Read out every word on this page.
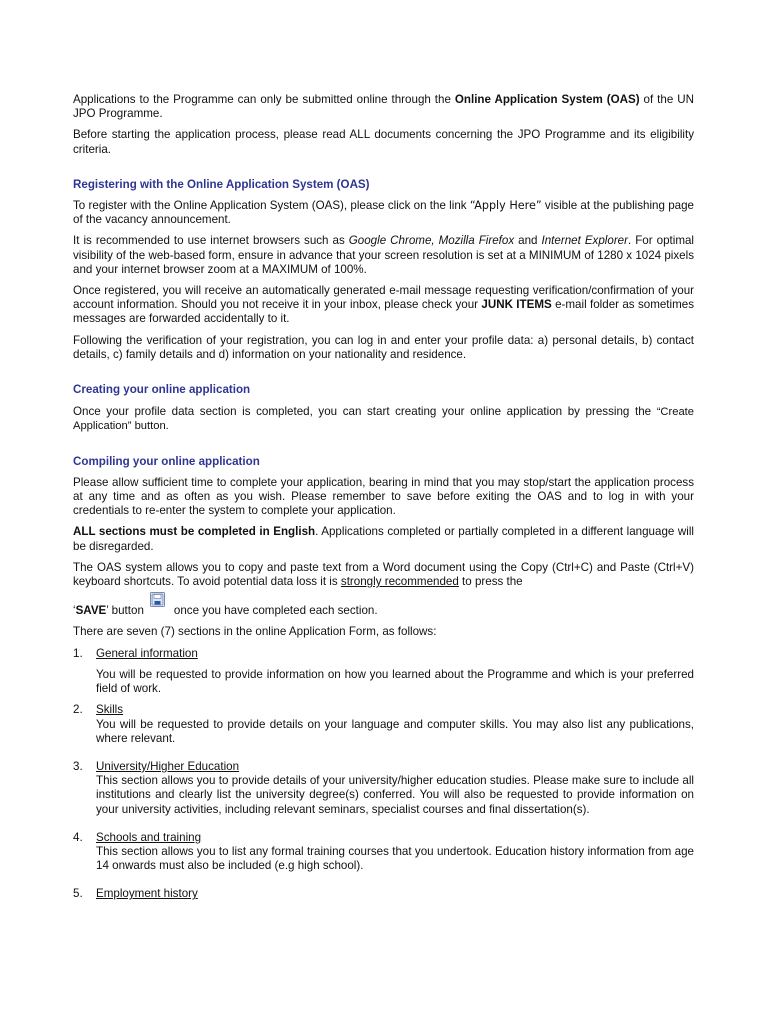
Applications to the Programme can only be submitted online through the Online Application System (OAS) of the UN JPO Programme.

Before starting the application process, please read ALL documents concerning the JPO Programme and its eligibility criteria.

Registering with the Online Application System (OAS)

To register with the Online Application System (OAS), please click on the link “Apply Here” visible at the publishing page of the vacancy announcement.

It is recommended to use internet browsers such as Google Chrome, Mozilla Firefox and Internet Explorer. For optimal visibility of the web-based form, ensure in advance that your screen resolution is set at a MINIMUM of 1280 x 1024 pixels and your internet browser zoom at a MAXIMUM of 100%.

Once registered, you will receive an automatically generated e-mail message requesting verification/confirmation of your account information. Should you not receive it in your inbox, please check your JUNK ITEMS e-mail folder as sometimes messages are forwarded accidentally to it.

Following the verification of your registration, you can log in and enter your profile data: a) personal details, b) contact details, c) family details and d) information on your nationality and residence.

Creating your online application

Once your profile data section is completed, you can start creating your online application by pressing the “Create Application” button.

Compiling your online application

Please allow sufficient time to complete your application, bearing in mind that you may stop/start the application process at any time and as often as you wish. Please remember to save before exiting the OAS and to log in with your credentials to re-enter the system to complete your application.

ALL sections must be completed in English. Applications completed or partially completed in a different language will be disregarded.

The OAS system allows you to copy and paste text from a Word document using the Copy (Ctrl+C) and Paste (Ctrl+V) keyboard shortcuts. To avoid potential data loss it is strongly recommended to press the

‘SAVE’ button	once you have completed each section.

There are seven (7) sections in the online Application Form, as follows:

1. General information

You will be requested to provide information on how you learned about the Programme and which is your preferred field of work.

2. Skills

You will be requested to provide details on your language and computer skills. You may also list any publications, where relevant.

3. University/Higher Education

This section allows you to provide details of your university/higher education studies. Please make sure to include all institutions and clearly list the university degree(s) conferred. You will also be requested to provide information on your university activities, including relevant seminars, specialist courses and final dissertation(s).

4. Schools and training

This section allows you to list any formal training courses that you undertook. Education history information from age 14 onwards must also be included (e.g high school).

5. Employment history
